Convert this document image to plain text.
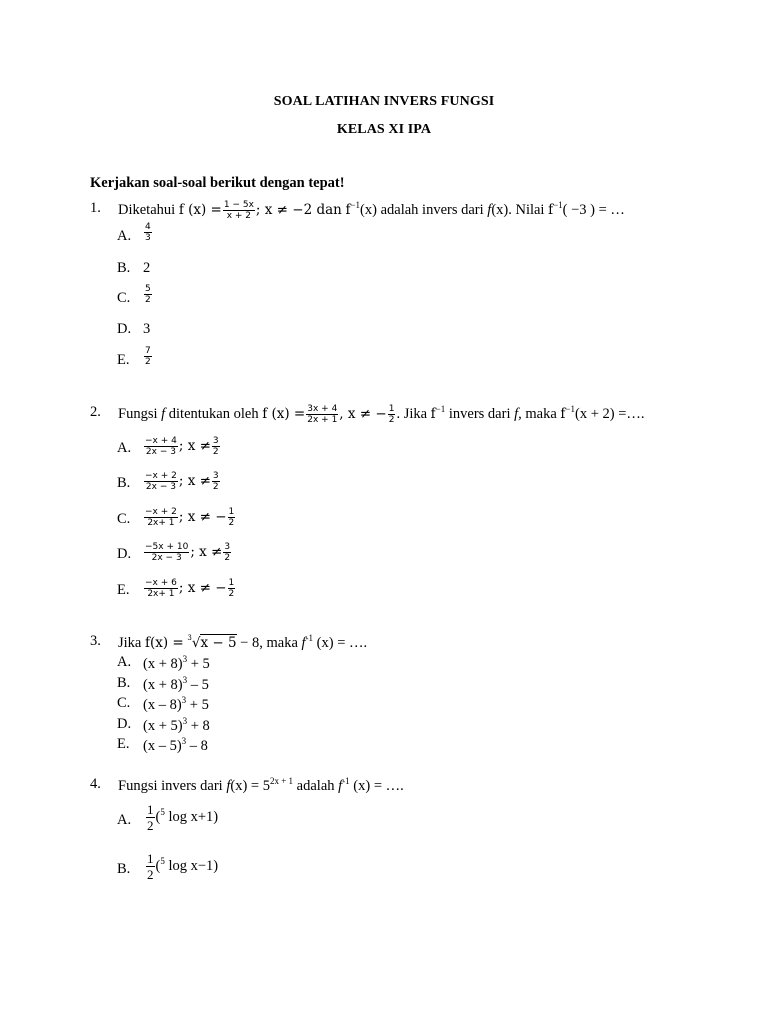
SOAL LATIHAN INVERS FUNGSI
KELAS XI IPA
Kerjakan soal-soal berikut dengan tepat!
1. Diketahui f $(x) = \frac{1 - 5x}{x + 2}$ ; x ≠ −2 dan $f^{-1}(x)$ adalah invers dari f(x). Nilai $f^{-1}( -3$ ) = …
A. $\frac{4}{3}$
B. 2
C. $\frac{5}{2}$
D. 3
E. $\frac{7}{2}$
2. Fungsi f ditentukan oleh f $(x) = \frac{3x + 4}{2x + 1}$ , x ≠ − $\frac{1}{2}$ . Jika $f^{-1}$ invers dari f, maka $f^{-1}(x + 2)$ =….
A. $\frac{-x + 4}{2x - 3}$ ; $x \ne \frac{3}{2}$
B. $\frac{-x + 2}{2x - 3}$ ; $x \ne \frac{3}{2}$
C. $\frac{-x + 2}{2x+ 1}$ ; x ≠ − $\frac{1}{2}$
D. $\frac{-5x + 10}{2x - 3}$ ; $x \ne \frac{3}{2}$
E. $\frac{-x + 6}{2x+ 1}$ ; x ≠ − $\frac{1}{2}$
3. Jika f(x) = $^3$√x − 5 − 8, maka $f^{-1}$ (x) = ….
A. $(x + 8)^3 + 5$
B. $(x + 8)^3 - 5$
C. (x – 8)$^3$ + 5
D. $(x + 5)^3 + 8$
E. (x – 5)$^3$ – 8
4. Fungsi invers dari $f(x) = 5^{2x + 1}$ adalah $f^{-1}$ (x) = ….
A. $\frac{1}{2} (^5$ log x+1)
B. $\frac{1}{2} (^5$ log x−1)
